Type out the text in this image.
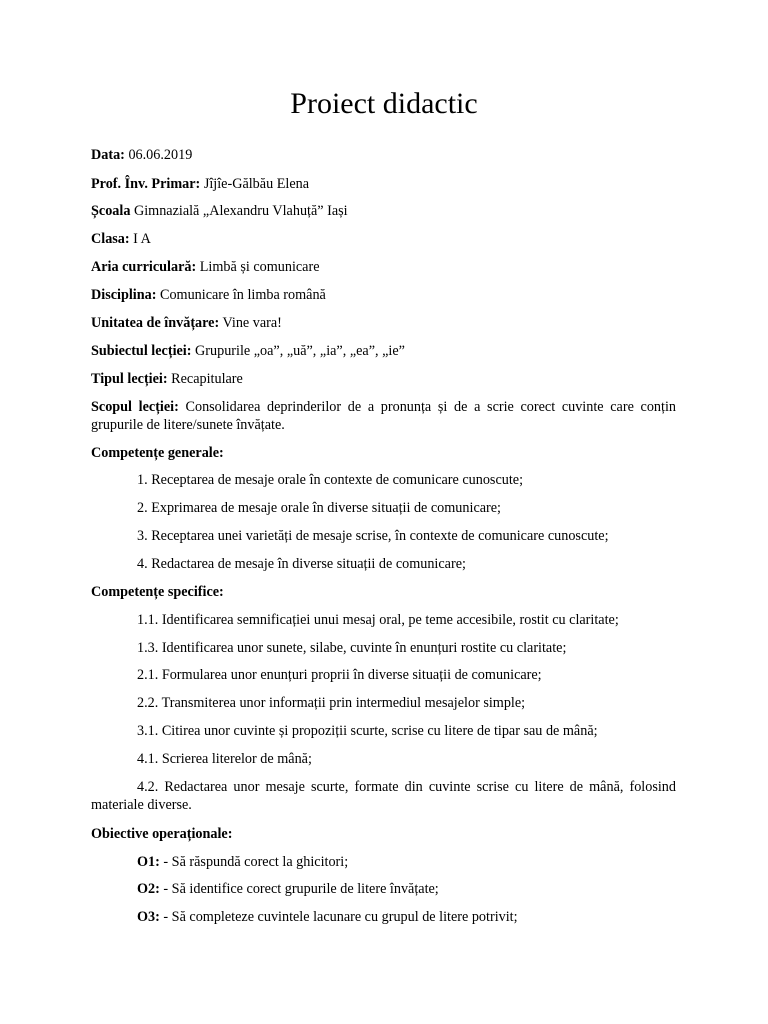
Proiect didactic
Data: 06.06.2019
Prof. Înv. Primar: Jîjîe-Gălbău Elena
Școala Gimnazială „Alexandru Vlahuță” Iași
Clasa: I A
Aria curriculară: Limbă și comunicare
Disciplina: Comunicare în limba română
Unitatea de învățare: Vine vara!
Subiectul lecției: Grupurile „oa”, „uă”, „ia”, „ea”, „ie”
Tipul lecției: Recapitulare
Scopul lecției: Consolidarea deprinderilor de a pronunța și de a scrie corect cuvinte care conțin grupurile de litere/sunete învățate.
Competențe generale:
1. Receptarea de mesaje orale în contexte de comunicare cunoscute;
2. Exprimarea de mesaje orale în diverse situații de comunicare;
3. Receptarea unei varietăți de mesaje scrise, în contexte de comunicare cunoscute;
4. Redactarea de mesaje în diverse situații de comunicare;
Competențe specifice:
1.1. Identificarea semnificației unui mesaj oral, pe teme accesibile, rostit cu claritate;
1.3. Identificarea unor sunete, silabe, cuvinte în enunțuri rostite cu claritate;
2.1. Formularea unor enunțuri proprii în diverse situații de comunicare;
2.2. Transmiterea unor informații prin intermediul mesajelor simple;
3.1. Citirea unor cuvinte și propoziții scurte, scrise cu litere de tipar sau de mână;
4.1. Scrierea literelor de mână;
4.2. Redactarea unor mesaje scurte, formate din cuvinte scrise cu litere de mână, folosind materiale diverse.
Obiective operaționale:
O1: - Să răspundă corect la ghicitori;
O2: - Să identifice corect grupurile de litere învățate;
O3: - Să completeze cuvintele lacunare cu grupul de litere potrivit;
